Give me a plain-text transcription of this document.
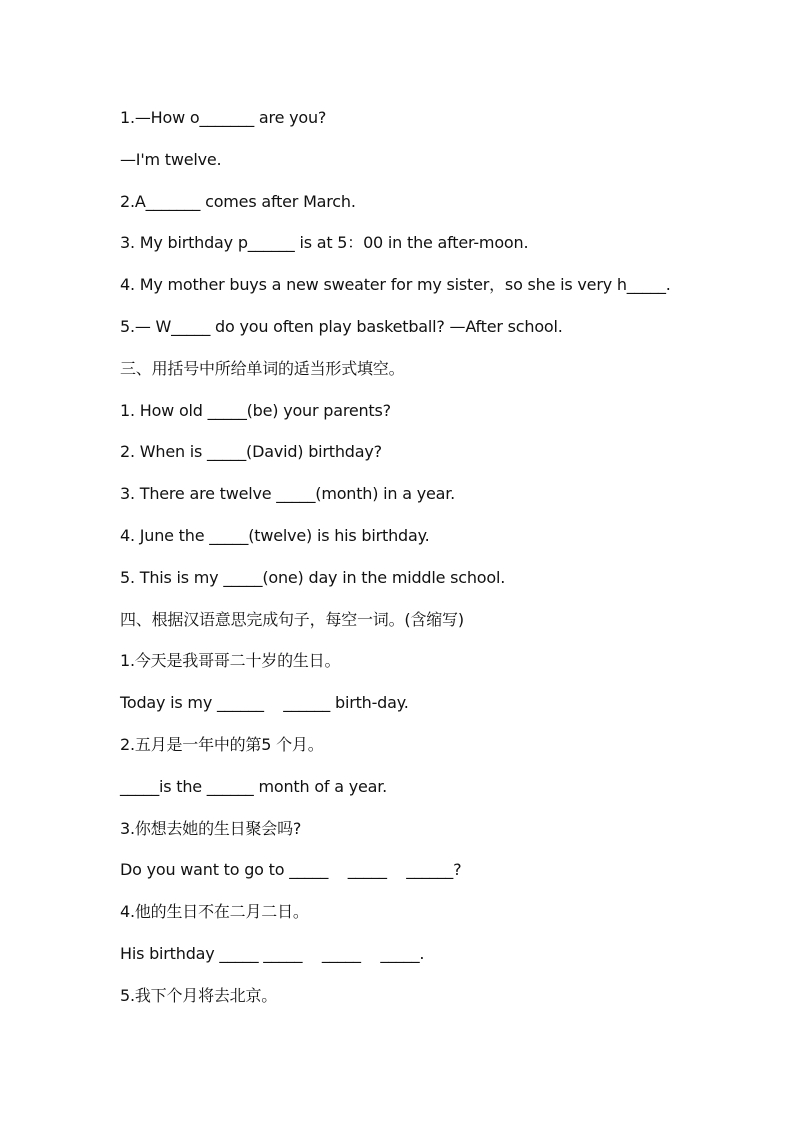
1.—How o_______ are you?
—I'm twelve.
2.A_______ comes after March.
3. My birthday p______ is at 5：00 in the after-moon.
4. My mother buys a new sweater for my sister，so she is very h_____.
5.— W_____ do you often play basketball? —After school.
三、用括号中所给单词的适当形式填空。
1. How old _____(be) your parents?
2. When is _____(David) birthday?
3. There are twelve _____(month) in a year.
4. June the _____(twelve) is his birthday.
5. This is my _____(one) day in the middle school.
四、根据汉语意思完成句子，每空一词。(含缩写)
1.今天是我哥哥二十岁的生日。
Today is my ______    ______ birth-day.
2.五月是一年中的第5 个月。
_____is the ______ month of a year.
3.你想去她的生日聚会吗?
Do you want to go to _____    _____    ______?
4.他的生日不在二月二日。
His birthday _____ _____    _____    _____.
5.我下个月将去北京。
